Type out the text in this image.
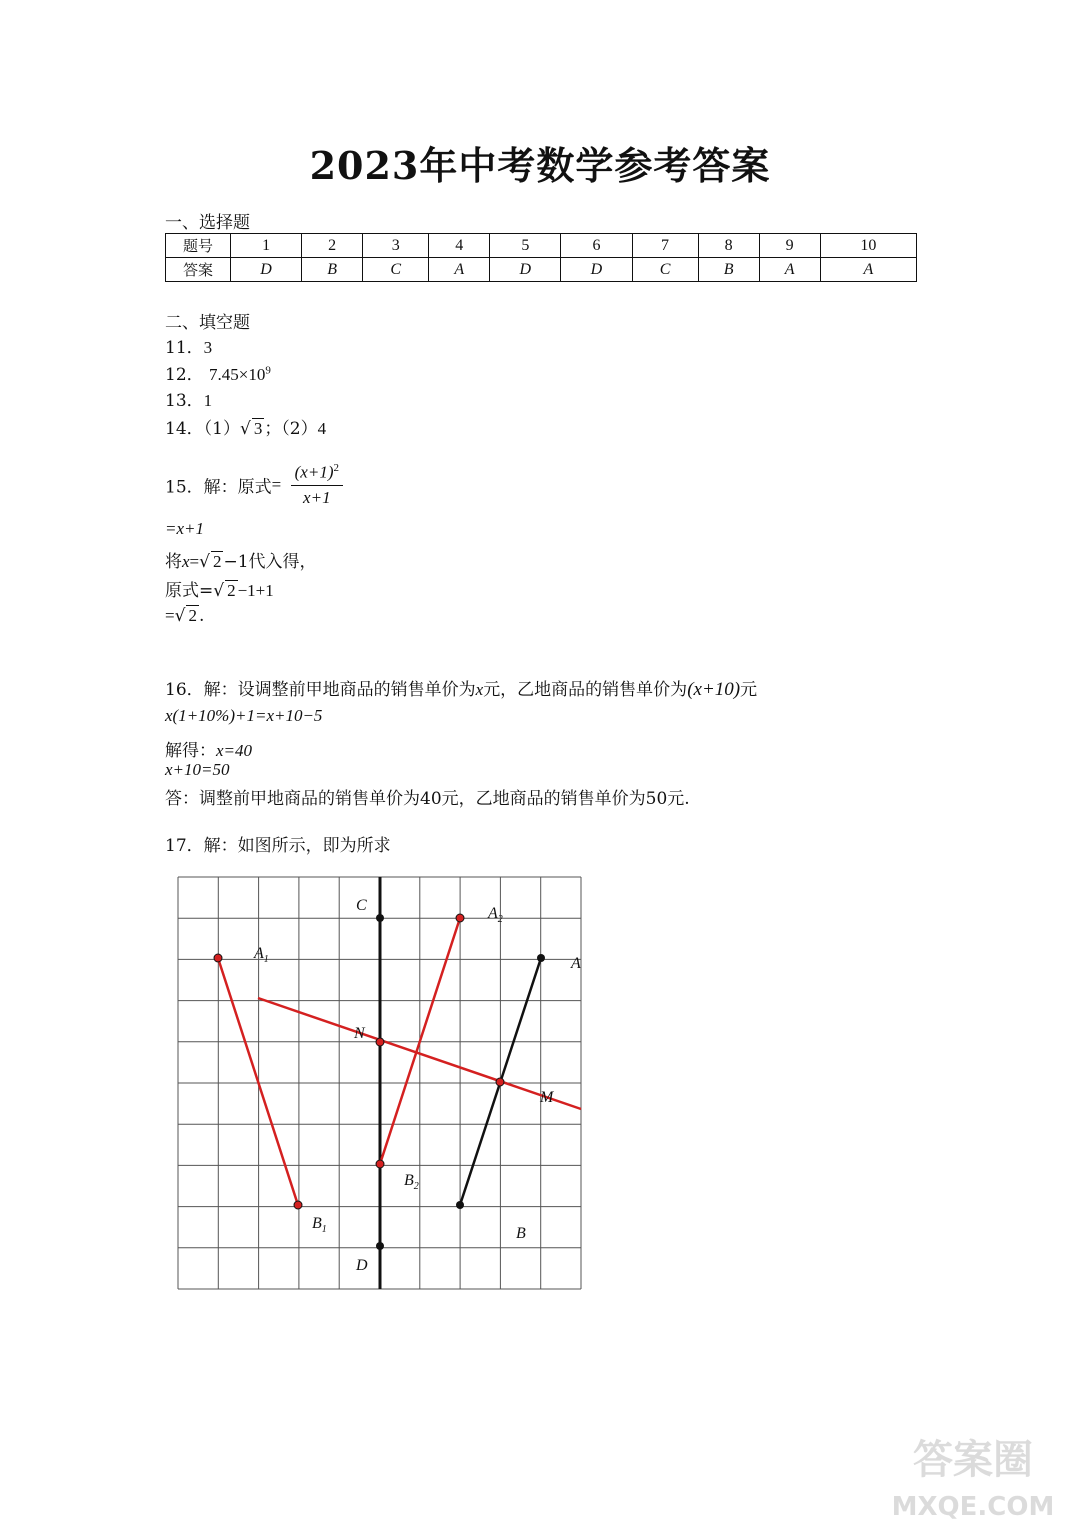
2023年中考数学参考答案
一、选择题
题号	1	2	3	4	5	6	7	8	9	10
答案	D	B	C	A	D	D	C	B	A	A
二、填空题
11．3
12． $7.45\times 10^9$
13．1
14．（1）√ 3 ；（2）4
15．解：原式= $\frac{(x+1)^2}{x+1}$
=x+1
将x=√ 2 −1代入得，
原式=√ 2 −1+1
=√ 2 .
16．解：设调整前甲地商品的销售单价为x元，乙地商品的销售单价为(x+10)元
x(1+10%)+1=x+10−5
解得：x=40
x+10=50
答：调整前甲地商品的销售单价为40元，乙地商品的销售单价为50元.
17．解：如图所示，即为所求
C
D
A
B
N
M
$A_1$
$B_1$
$A_2$
$B_2$
答案圈
MXQE.COM
